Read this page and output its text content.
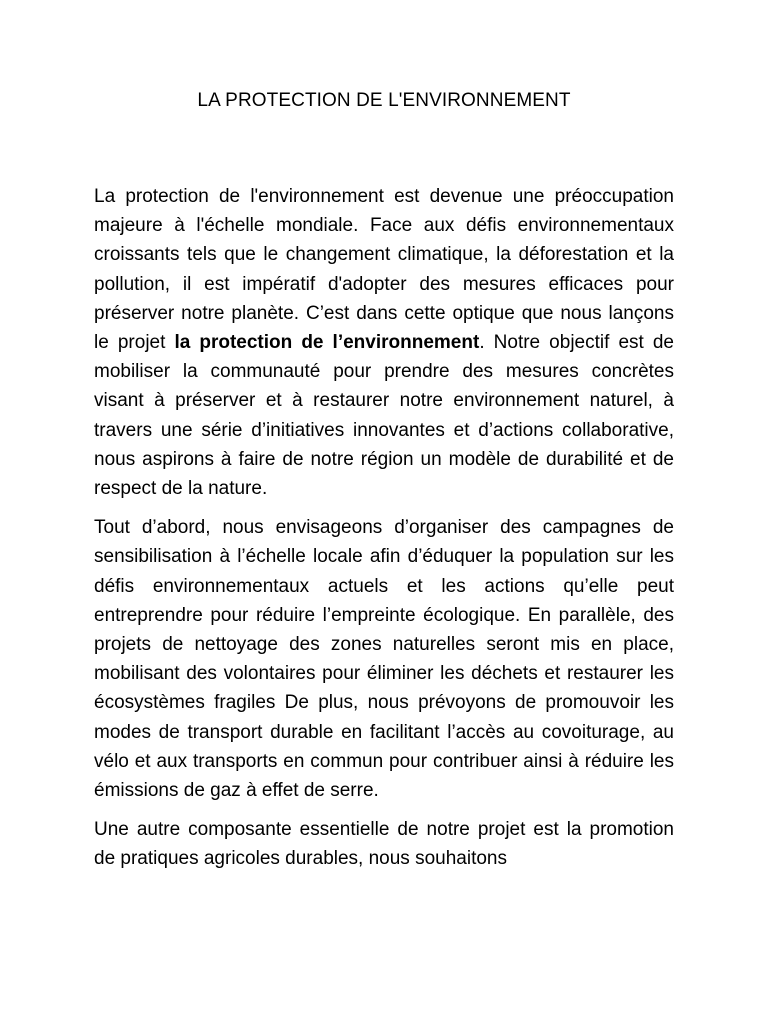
LA PROTECTION DE L'ENVIRONNEMENT

La protection de l'environnement est devenue une préoccupation majeure à l'échelle mondiale. Face aux défis environnementaux croissants tels que le changement climatique, la déforestation et la pollution, il est impératif d'adopter des mesures efficaces pour préserver notre planète. C’est dans cette optique que nous lançons le projet la protection de l’environnement. Notre objectif est de mobiliser la communauté pour prendre des mesures concrètes visant à préserver et à restaurer notre environnement naturel, à travers une série d’initiatives innovantes et d’actions collaborative, nous aspirons à faire de notre région un modèle de durabilité et de respect de la nature.

Tout d’abord, nous envisageons d’organiser des campagnes de sensibilisation à l’échelle locale afin d’éduquer la population sur les défis environnementaux actuels et les actions qu’elle peut entreprendre pour réduire l’empreinte écologique. En parallèle, des projets de nettoyage des zones naturelles seront mis en place, mobilisant des volontaires pour éliminer les déchets et restaurer les écosystèmes fragiles De plus, nous prévoyons de promouvoir les modes de transport durable en facilitant l’accès au covoiturage, au vélo et aux transports en commun pour contribuer ainsi à réduire les émissions de gaz à effet de serre.

Une autre composante essentielle de notre projet est la promotion de pratiques agricoles durables, nous souhaitons
